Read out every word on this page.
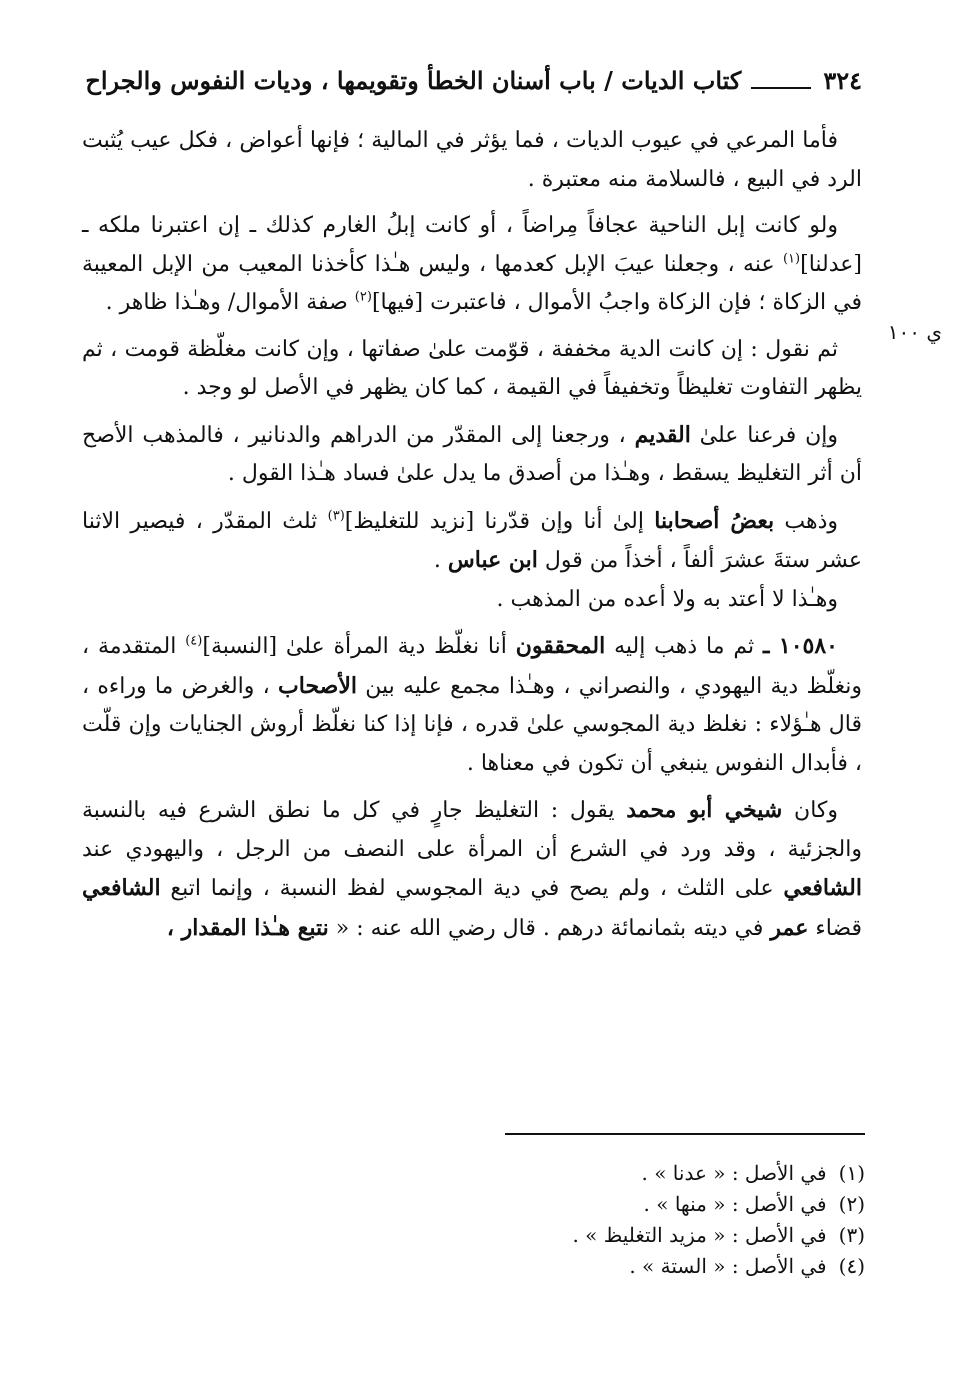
٣٢٤
كتاب الديات / باب أسنان الخطأ وتقويمها ، وديات النفوس والجراح
ي ١٠٠

فأما المرعي في عيوب الديات ، فما يؤثر في المالية ؛ فإنها أعواض ، فكل عيب يُثبت الرد في البيع ، فالسلامة منه معتبرة .

ولو كانت إبل الناحية عجافاً مِراضاً ، أو كانت إبلُ الغارم كذلك ـ إن اعتبرنا ملكه ـ [عدلنا]$^{(١)}$ عنه ، وجعلنا عيبَ الإبل كعدمها ، وليس هـٰذا كأخذنا المعيب من الإبل المعيبة في الزكاة ؛ فإن الزكاة واجبُ الأموال ، فاعتبرت [فيها]$^{(٢)}$ صفة الأموال/ وهـٰذا ظاهر .

ثم نقول : إن كانت الدية مخففة ، قوّمت علىٰ صفاتها ، وإن كانت مغلّظة قومت ، ثم يظهر التفاوت تغليظاً وتخفيفاً في القيمة ، كما كان يظهر في الأصل لو وجد .

وإن فرعنا علىٰ القديم ، ورجعنا إلى المقدّر من الدراهم والدنانير ، فالمذهب الأصح أن أثر التغليظ يسقط ، وهـٰذا من أصدق ما يدل علىٰ فساد هـٰذا القول .

وذهب بعضُ أصحابنا إلىٰ أنا وإن قدّرنا [نزيد للتغليظ]$^{(٣)}$ ثلث المقدّر ، فيصير الاثنا عشر ستةَ عشرَ ألفاً ، أخذاً من قول ابن عباس .

وهـٰذا لا أعتد به ولا أعده من المذهب .

١٠٥٨٠ ـ ثم ما ذهب إليه المحققون أنا نغلّظ دية المرأة علىٰ [النسبة]$^{(٤)}$ المتقدمة ، ونغلّظ دية اليهودي ، والنصراني ، وهـٰذا مجمع عليه بين الأصحاب ، والغرض ما وراءه ، قال هـٰؤلاء : نغلظ دية المجوسي علىٰ قدره ، فإنا إذا كنا نغلّظ أروش الجنايات وإن قلّت ، فأبدال النفوس ينبغي أن تكون في معناها .

وكان شيخي أبو محمد يقول : التغليظ جارٍ في كل ما نطق الشرع فيه بالنسبة والجزئية ، وقد ورد في الشرع أن المرأة على النصف من الرجل ، واليهودي عند الشافعي على الثلث ، ولم يصح في دية المجوسي لفظ النسبة ، وإنما اتبع الشافعي قضاء عمر في ديته بثمانمائة درهم . قال رضي الله عنه : « نتبع هـٰذا المقدار ،

(١)
في الأصل : « عدنا » .
(٢)
في الأصل : « منها » .
(٣)
في الأصل : « مزيد التغليظ » .
(٤)
في الأصل : « الستة » .
